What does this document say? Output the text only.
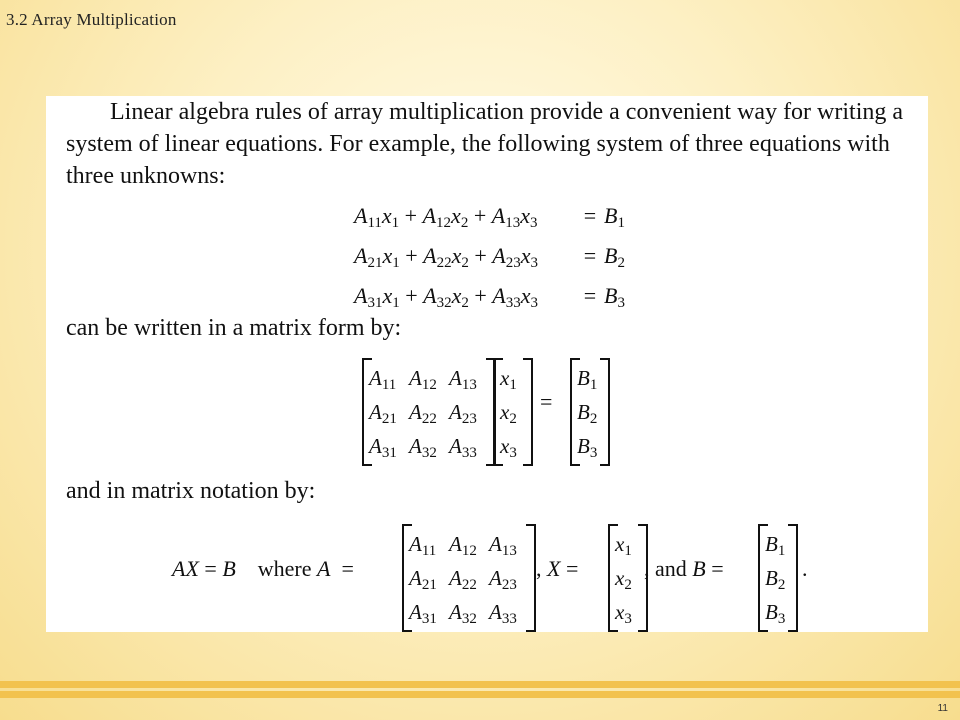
3.2 Array Multiplication
Linear algebra rules of array multiplication provide a convenient way for writing a system of linear equations. For example, the following system of three equations with three unknowns:
$A_{11}x_1 + A_{12}x_2 + A_{13}x_3$	= $B_1$
$A_{21}x_1 + A_{22}x_2 + A_{23}x_3$	= $B_2$
$A_{31}x_1 + A_{32}x_2 + A_{33}x_3$	= $B_3$
can be written in a matrix form by:
$A_{11}$ $A_{12}$ $A_{13}$
$A_{21}$ $A_{22}$ $A_{23}$
$A_{31}$ $A_{32}$ $A_{33}$
$x_1$
$x_2$
$x_3$
=
$B_1$
$B_2$
$B_3$
and in matrix notation by:
AX = B    where A  =
$A_{11}$ $A_{12}$ $A_{13}$
$A_{21}$ $A_{22}$ $A_{23}$
$A_{31}$ $A_{32}$ $A_{33}$
, X =
$x_1$
$x_2$
$x_3$
, and B =
$B_1$
$B_2$
$B_3$
.
11
